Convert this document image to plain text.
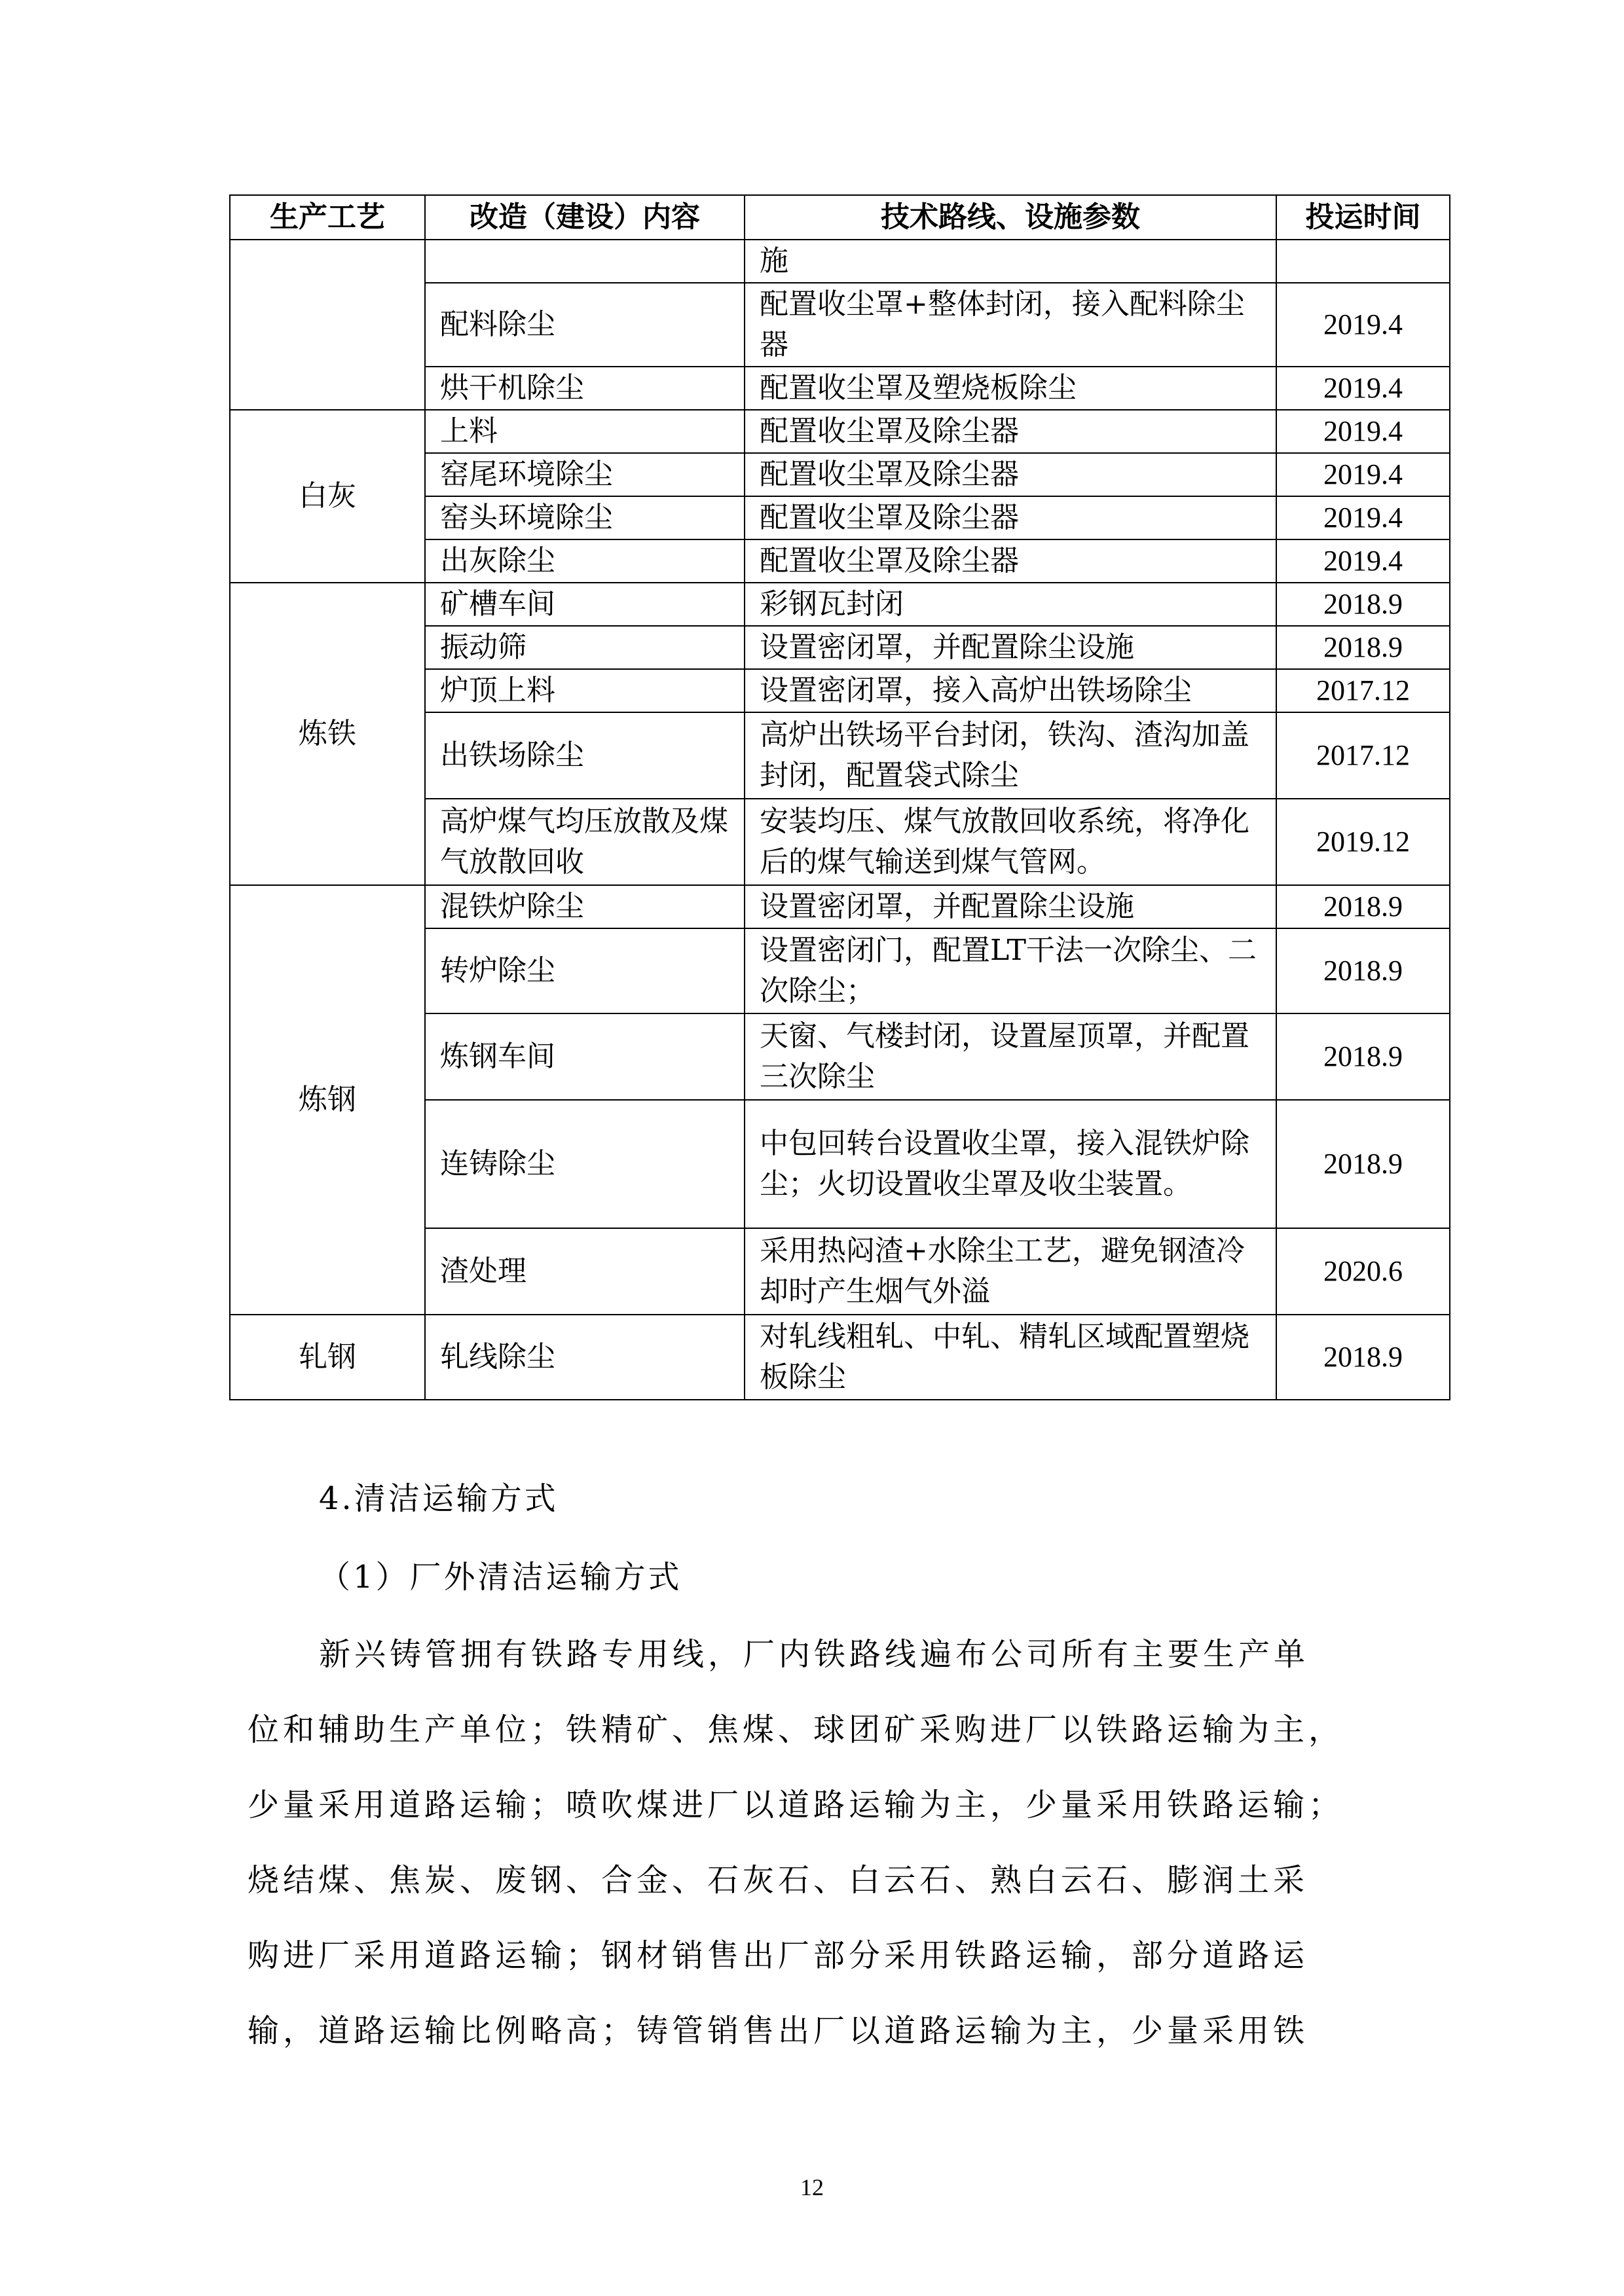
生产工艺	改造（建设）内容	技术路线、设施参数	投运时间
		施	
	配料除尘	配置收尘罩+整体封闭，接入配料除尘器	2019.4
	烘干机除尘	配置收尘罩及塑烧板除尘	2019.4
白灰	上料	配置收尘罩及除尘器	2019.4
	窑尾环境除尘	配置收尘罩及除尘器	2019.4
	窑头环境除尘	配置收尘罩及除尘器	2019.4
	出灰除尘	配置收尘罩及除尘器	2019.4
炼铁	矿槽车间	彩钢瓦封闭	2018.9
	振动筛	设置密闭罩，并配置除尘设施	2018.9
	炉顶上料	设置密闭罩，接入高炉出铁场除尘	2017.12
	出铁场除尘	高炉出铁场平台封闭，铁沟、渣沟加盖封闭，配置袋式除尘	2017.12
	高炉煤气均压放散及煤气放散回收	安装均压、煤气放散回收系统，将净化后的煤气输送到煤气管网。	2019.12
炼钢	混铁炉除尘	设置密闭罩，并配置除尘设施	2018.9
	转炉除尘	设置密闭门，配置LT干法一次除尘、二次除尘；	2018.9
	炼钢车间	天窗、气楼封闭，设置屋顶罩，并配置三次除尘	2018.9
	连铸除尘	中包回转台设置收尘罩，接入混铁炉除尘；火切设置收尘罩及收尘装置。	2018.9
	渣处理	采用热闷渣+水除尘工艺，避免钢渣冷却时产生烟气外溢	2020.6
轧钢	轧线除尘	对轧线粗轧、中轧、精轧区域配置塑烧板除尘	2018.9
4.清洁运输方式
（1）厂外清洁运输方式
新兴铸管拥有铁路专用线，厂内铁路线遍布公司所有主要生产单
位和辅助生产单位；铁精矿、焦煤、球团矿采购进厂以铁路运输为主，
少量采用道路运输；喷吹煤进厂以道路运输为主，少量采用铁路运输；
烧结煤、焦炭、废钢、合金、石灰石、白云石、熟白云石、膨润土采
购进厂采用道路运输；钢材销售出厂部分采用铁路运输，部分道路运
输，道路运输比例略高；铸管销售出厂以道路运输为主，少量采用铁
12
